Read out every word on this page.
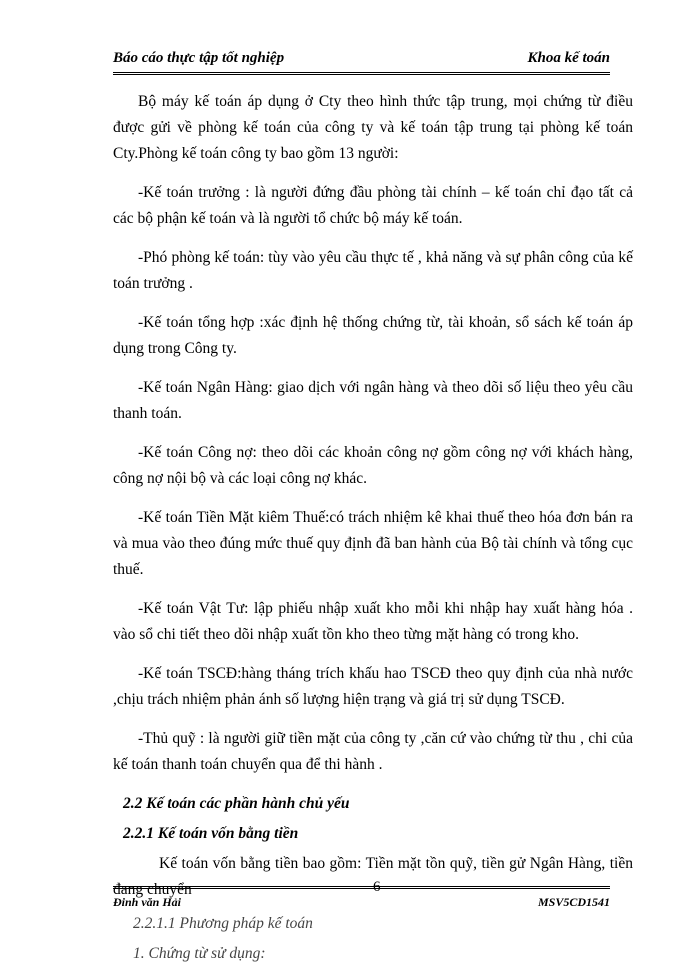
Báo cáo thực tập tốt nghiệp	Khoa kế toán

Bộ máy kế toán áp dụng ở Cty theo hình thức tập trung, mọi chứng từ điều được gửi về phòng kế toán của công ty và kế toán tập trung tại phòng kế toán Cty.Phòng kế toán công ty bao gồm 13 người:

-Kế toán trưởng : là người đứng đầu phòng tài chính – kế toán chỉ đạo tất cả các bộ phận kế toán và là người tổ chức bộ máy kế toán.

-Phó phòng kế toán: tùy vào yêu cầu thực tế , khả năng và sự phân công của kế toán trưởng .

-Kế toán tổng hợp :xác định hệ thống chứng từ, tài khoản, sổ sách kế toán áp dụng trong Công ty.

-Kế toán Ngân Hàng: giao dịch với ngân hàng và theo dõi số liệu theo yêu cầu thanh toán.

-Kế toán Công nợ: theo dõi các khoản công nợ gồm công nợ với khách hàng, công nợ nội bộ và các loại công nợ khác.

-Kế toán Tiền Mặt kiêm Thuế:có trách nhiệm kê khai thuế theo hóa đơn bán ra và mua vào theo đúng mức thuế quy định đã ban hành của Bộ tài chính và tổng cục thuế.

-Kế toán Vật Tư: lập phiếu nhập xuất kho mỗi khi nhập hay xuất hàng hóa . vào sổ chi tiết theo dõi nhập xuất tồn kho theo từng mặt hàng có trong kho.

-Kế toán TSCĐ:hàng tháng trích khấu hao TSCĐ theo quy định của nhà nước ,chịu trách nhiệm phản ánh số lượng hiện trạng và giá trị sử dụng TSCĐ.

-Thủ quỹ : là người giữ tiền mặt của công ty ,căn cứ vào chứng từ thu , chi của kế toán thanh toán chuyển qua để thi hành .

2.2 Kế toán các phần hành chủ yếu

2.2.1 Kế toán vốn bằng tiền

Kế toán vốn bằng tiền bao gồm: Tiền mặt tồn quỹ, tiền gử Ngân Hàng, tiền đang chuyển

2.2.1.1 Phương pháp kế toán

1. Chứng từ sử dụng:

Đinh văn Hải
6
MSV5CD1541
